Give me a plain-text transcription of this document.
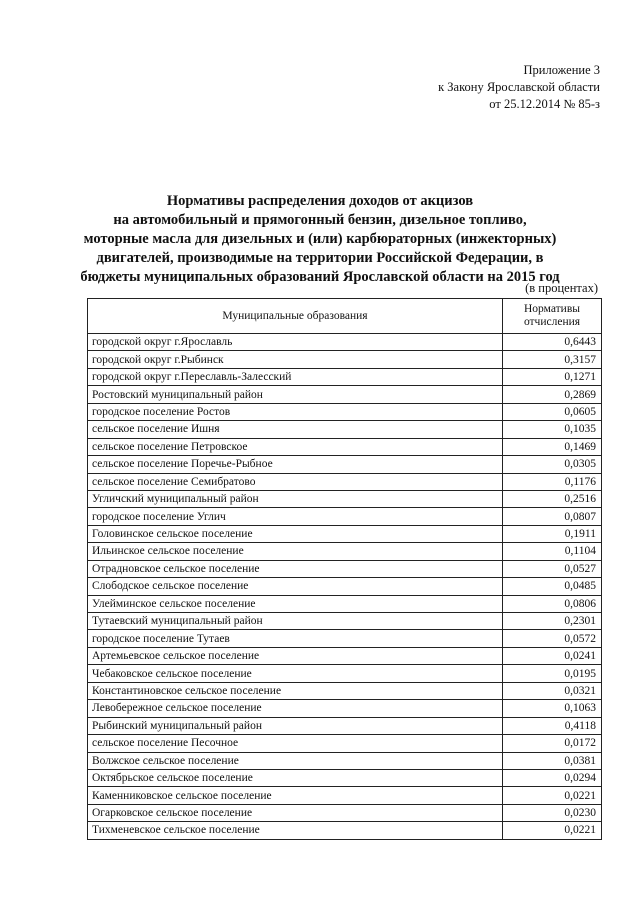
Приложение 3
к Закону Ярославской области
от 25.12.2014 № 85-з
Нормативы распределения доходов от акцизов
на автомобильный и прямогонный бензин, дизельное топливо,
моторные масла для дизельных и (или) карбюраторных (инжекторных)
двигателей, производимые на территории Российской Федерации, в
бюджеты муниципальных образований Ярославской области на 2015 год
(в процентах)
Муниципальные образования	Нормативы
отчисления

городской округ г.Ярославль	0,6443
городской округ г.Рыбинск	0,3157
городской округ г.Переславль-Залесский	0,1271
Ростовский муниципальный район	0,2869
городское поселение Ростов	0,0605
сельское поселение Ишня	0,1035
сельское поселение Петровское	0,1469
сельское поселение Поречье-Рыбное	0,0305
сельское поселение Семибратово	0,1176
Угличский муниципальный район	0,2516
городское поселение Углич	0,0807
Головинское сельское поселение	0,1911
Ильинское сельское поселение	0,1104
Отрадновское сельское поселение	0,0527
Слободское сельское поселение	0,0485
Улейминское сельское поселение	0,0806
Тутаевский муниципальный район	0,2301
городское поселение Тутаев	0,0572
Артемьевское сельское поселение	0,0241
Чебаковское сельское поселение	0,0195
Константиновское сельское поселение	0,0321
Левобережное сельское поселение	0,1063
Рыбинский муниципальный район	0,4118
сельское поселение Песочное	0,0172
Волжское сельское поселение	0,0381
Октябрьское сельское поселение	0,0294
Каменниковское сельское поселение	0,0221
Огарковское сельское поселение	0,0230
Тихменевское сельское поселение	0,0221
